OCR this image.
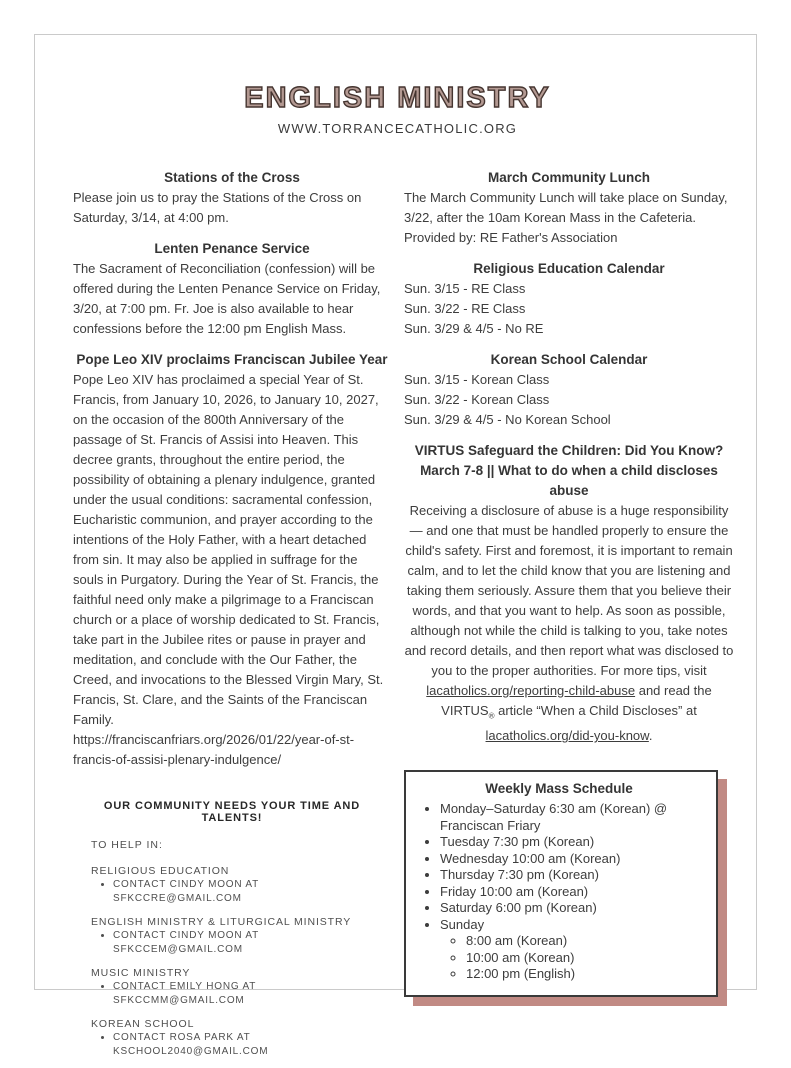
ENGLISH MINISTRY
WWW.TORRANCECATHOLIC.ORG
Stations of the Cross

Please join us to pray the Stations of the Cross on Saturday, 3/14, at 4:00 pm.

Lenten Penance Service

The Sacrament of Reconciliation (confession) will be offered during the Lenten Penance Service on Friday, 3/20, at 7:00 pm. Fr. Joe is also available to hear confessions before the 12:00 pm English Mass.

Pope Leo XIV proclaims Franciscan Jubilee Year

Pope Leo XIV has proclaimed a special Year of St. Francis, from January 10, 2026, to January 10, 2027, on the occasion of the 800th Anniversary of the passage of St. Francis of Assisi into Heaven. This decree grants, throughout the entire period, the possibility of obtaining a plenary indulgence, granted under the usual conditions: sacramental confession, Eucharistic communion, and prayer according to the intentions of the Holy Father, with a heart detached from sin. It may also be applied in suffrage for the souls in Purgatory. During the Year of St. Francis, the faithful need only make a pilgrimage to a Franciscan church or a place of worship dedicated to St. Francis, take part in the Jubilee rites or pause in prayer and meditation, and conclude with the Our Father, the Creed, and invocations to the Blessed Virgin Mary, St. Francis, St. Clare, and the Saints of the Franciscan Family.

https://franciscanfriars.org/2026/01/22/year-of-st-francis-of-assisi-plenary-indulgence/

OUR COMMUNITY NEEDS YOUR TIME AND TALENTS!
TO HELP IN:
RELIGIOUS EDUCATION
• CONTACT CINDY MOON AT SFKCCRE@GMAIL.COM
ENGLISH MINISTRY & LITURGICAL MINISTRY
• CONTACT CINDY MOON AT SFKCCEM@GMAIL.COM
MUSIC MINISTRY
• CONTACT EMILY HONG AT SFKCCMM@GMAIL.COM
KOREAN SCHOOL
• CONTACT ROSA PARK AT KSCHOOL2040@GMAIL.COM
March Community Lunch

The March Community Lunch will take place on Sunday, 3/22, after the 10am Korean Mass in the Cafeteria.

Provided by: RE Father's Association

Religious Education Calendar

Sun. 3/15 - RE Class

Sun. 3/22 - RE Class

Sun. 3/29 & 4/5 - No RE

Korean School Calendar

Sun. 3/15 - Korean Class

Sun. 3/22 - Korean Class

Sun. 3/29 & 4/5 - No Korean School

VIRTUS Safeguard the Children: Did You Know?
March 7-8 || What to do when a child discloses abuse

Receiving a disclosure of abuse is a huge responsibility — and one that must be handled properly to ensure the child's safety. First and foremost, it is important to remain calm, and to let the child know that you are listening and taking them seriously. Assure them that you believe their words, and that you want to help. As soon as possible, although not while the child is talking to you, take notes and record details, and then report what was disclosed to you to the proper authorities. For more tips, visit lacatholics.org/reporting-child-abuse and read the $VIRTUS_®$ article “When a Child Discloses” at lacatholics.org/did-you-know.

Weekly Mass Schedule
• Monday–Saturday 6:30 am (Korean) @ Franciscan Friary
• Tuesday 7:30 pm (Korean)
• Wednesday 10:00 am (Korean)
• Thursday 7:30 pm (Korean)
• Friday 10:00 am (Korean)
• Saturday 6:00 pm (Korean)
• Sunday
◦ 8:00 am (Korean)
◦ 10:00 am (Korean)
◦ 12:00 pm (English)
